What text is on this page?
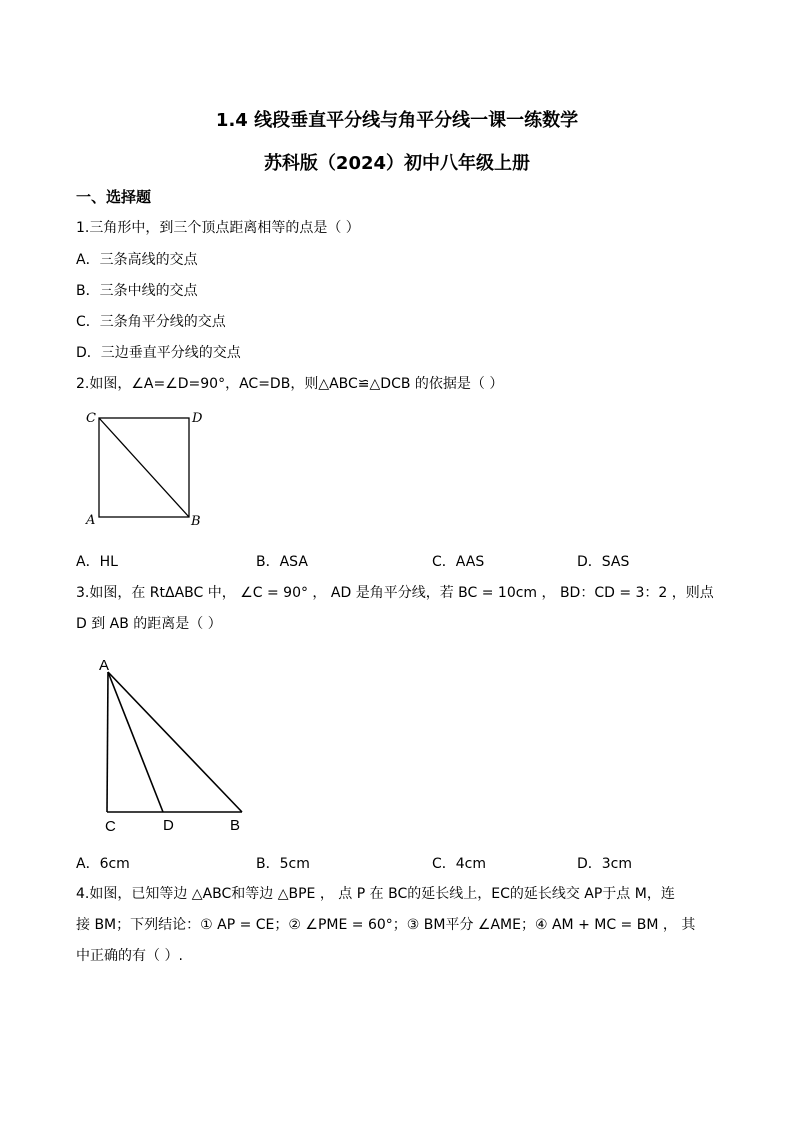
1.4 线段垂直平分线与角平分线一课一练数学
苏科版（2024）初中八年级上册
一、选择题
1.三角形中，到三个顶点距离相等的点是（ ）
A．三条高线的交点
B．三条中线的交点
C．三条角平分线的交点
D．三边垂直平分线的交点
2.如图，∠A=∠D=90°，AC=DB，则△ABC≌△DCB 的依据是（ ）
C	D
A	B
A．HL	B．ASA	C．AAS	D．SAS
3.如图，在 RtΔABC 中， ∠C = 90° ， AD 是角平分线，若 BC = 10cm ， BD：CD = 3：2 ，则点
D 到 AB 的距离是（ ）
A
C	D	B
A．6cm	B．5cm	C．4cm	D．3cm
4.如图，已知等边 △ABC和等边 △BPE ， 点 P 在 BC的延长线上，EC的延长线交 AP于点 M，连
接 BM；下列结论：① AP = CE；② ∠PME = 60°；③ BM平分 ∠AME；④ AM + MC = BM ， 其
中正确的有（ ）.
